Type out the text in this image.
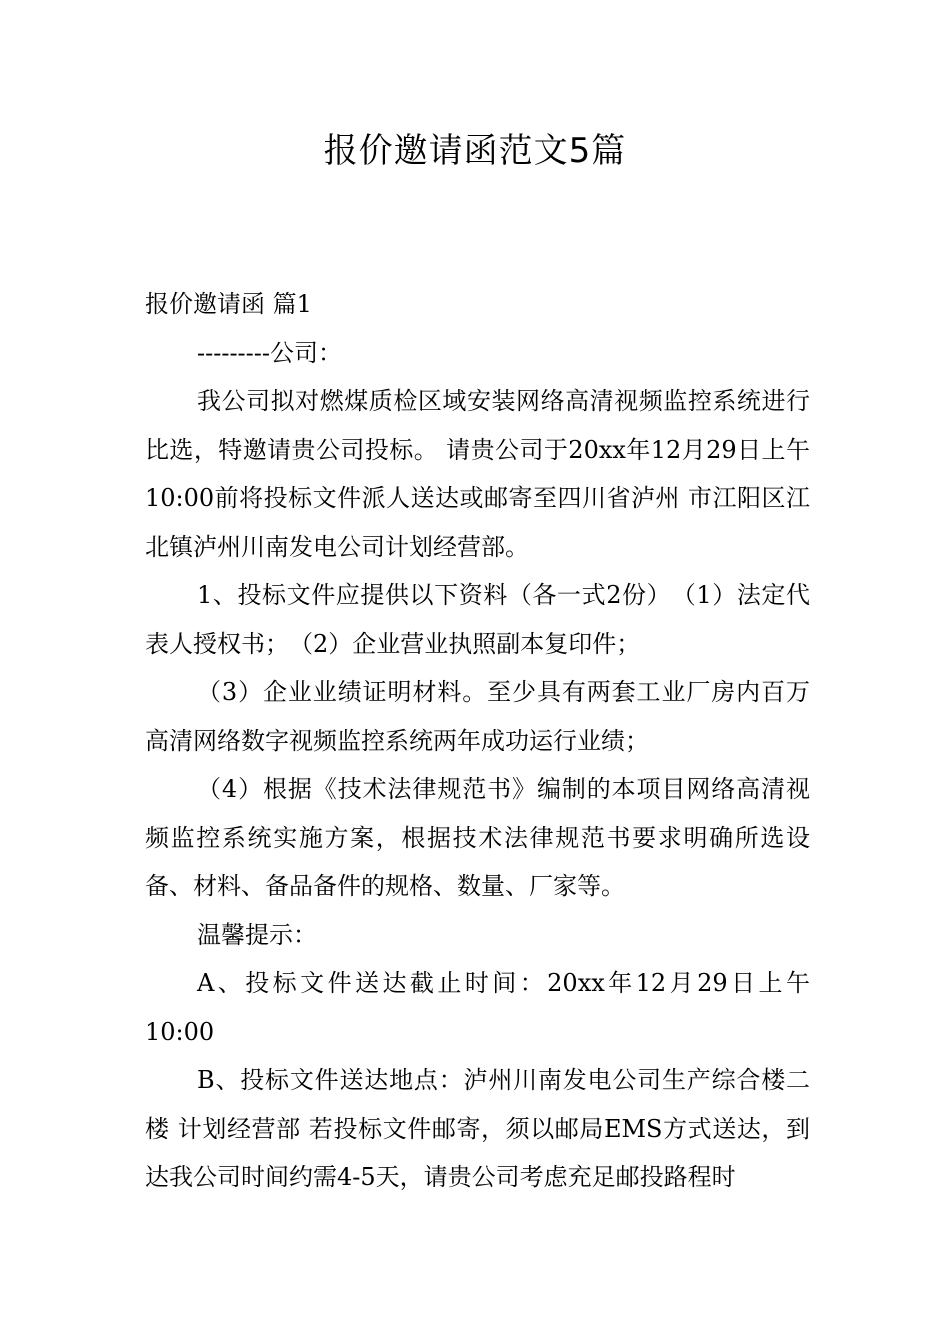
报价邀请函范文5篇

报价邀请函 篇1

---------公司：

我公司拟对燃煤质检区域安装网络高清视频监控系统进行比选，特邀请贵公司投标。 请贵公司于20xx年12月29日上午10:00前将投标文件派人送达或邮寄至四川省泸州 市江阳区江北镇泸州川南发电公司计划经营部。

1、投标文件应提供以下资料（各一式2份）　（1）法定代表人授权书；　（2）企业营业执照副本复印件；

（3）企业业绩证明材料。至少具有两套工业厂房内百万高清网络数字视频监控系统两年成功运行业绩；

（4）根据《技术法律规范书》编制的本项目网络高清视频监控系统实施方案，根据技术法律规范书要求明确所选设备、材料、备品备件的规格、数量、厂家等。

温馨提示：

A、投标文件送达截止时间：20xx年12月29日上午10:00

B、投标文件送达地点：泸州川南发电公司生产综合楼二楼 计划经营部 若投标文件邮寄，须以邮局EMS方式送达，到达我公司时间约需4-5天，请贵公司考虑充足邮投路程时
